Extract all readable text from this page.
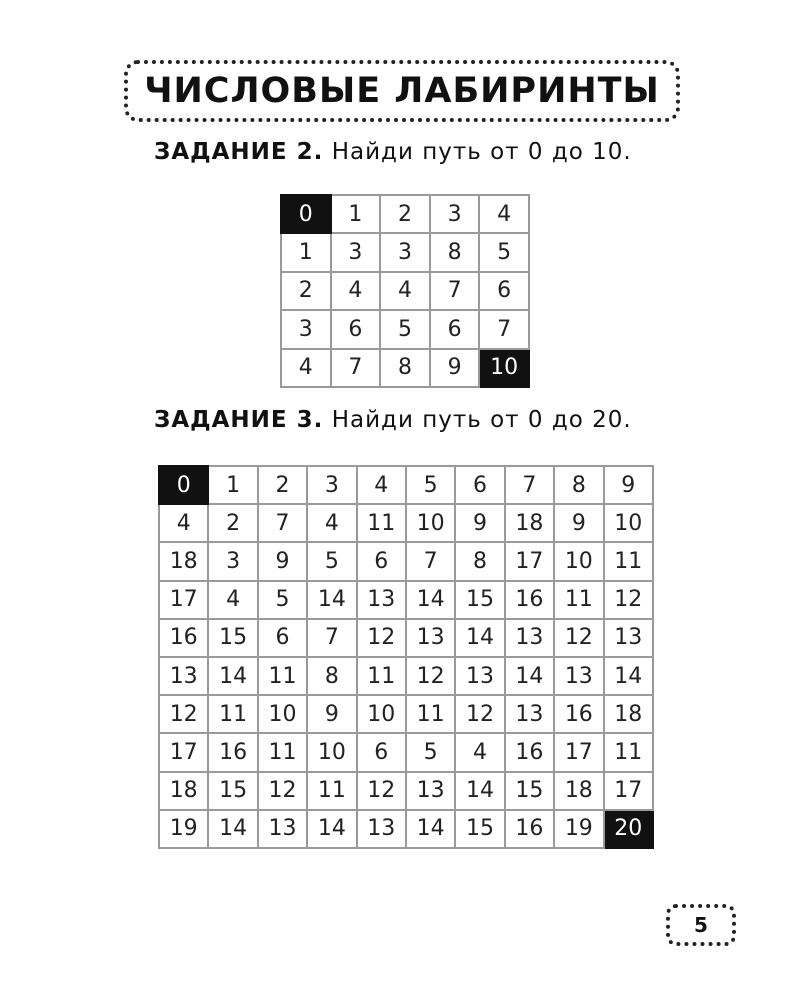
ЧИСЛОВЫЕ ЛАБИРИНТЫ
ЗАДАНИЕ 2. Найди путь от 0 до 10.
0	1	2	3	4
1	3	3	8	5
2	4	4	7	6
3	6	5	6	7
4	7	8	9	10
ЗАДАНИЕ 3. Найди путь от 0 до 20.
0	1	2	3	4	5	6	7	8	9
4	2	7	4	11	10	9	18	9	10
18	3	9	5	6	7	8	17	10	11
17	4	5	14	13	14	15	16	11	12
16	15	6	7	12	13	14	13	12	13
13	14	11	8	11	12	13	14	13	14
12	11	10	9	10	11	12	13	16	18
17	16	11	10	6	5	4	16	17	11
18	15	12	11	12	13	14	15	18	17
19	14	13	14	13	14	15	16	19	20
5
